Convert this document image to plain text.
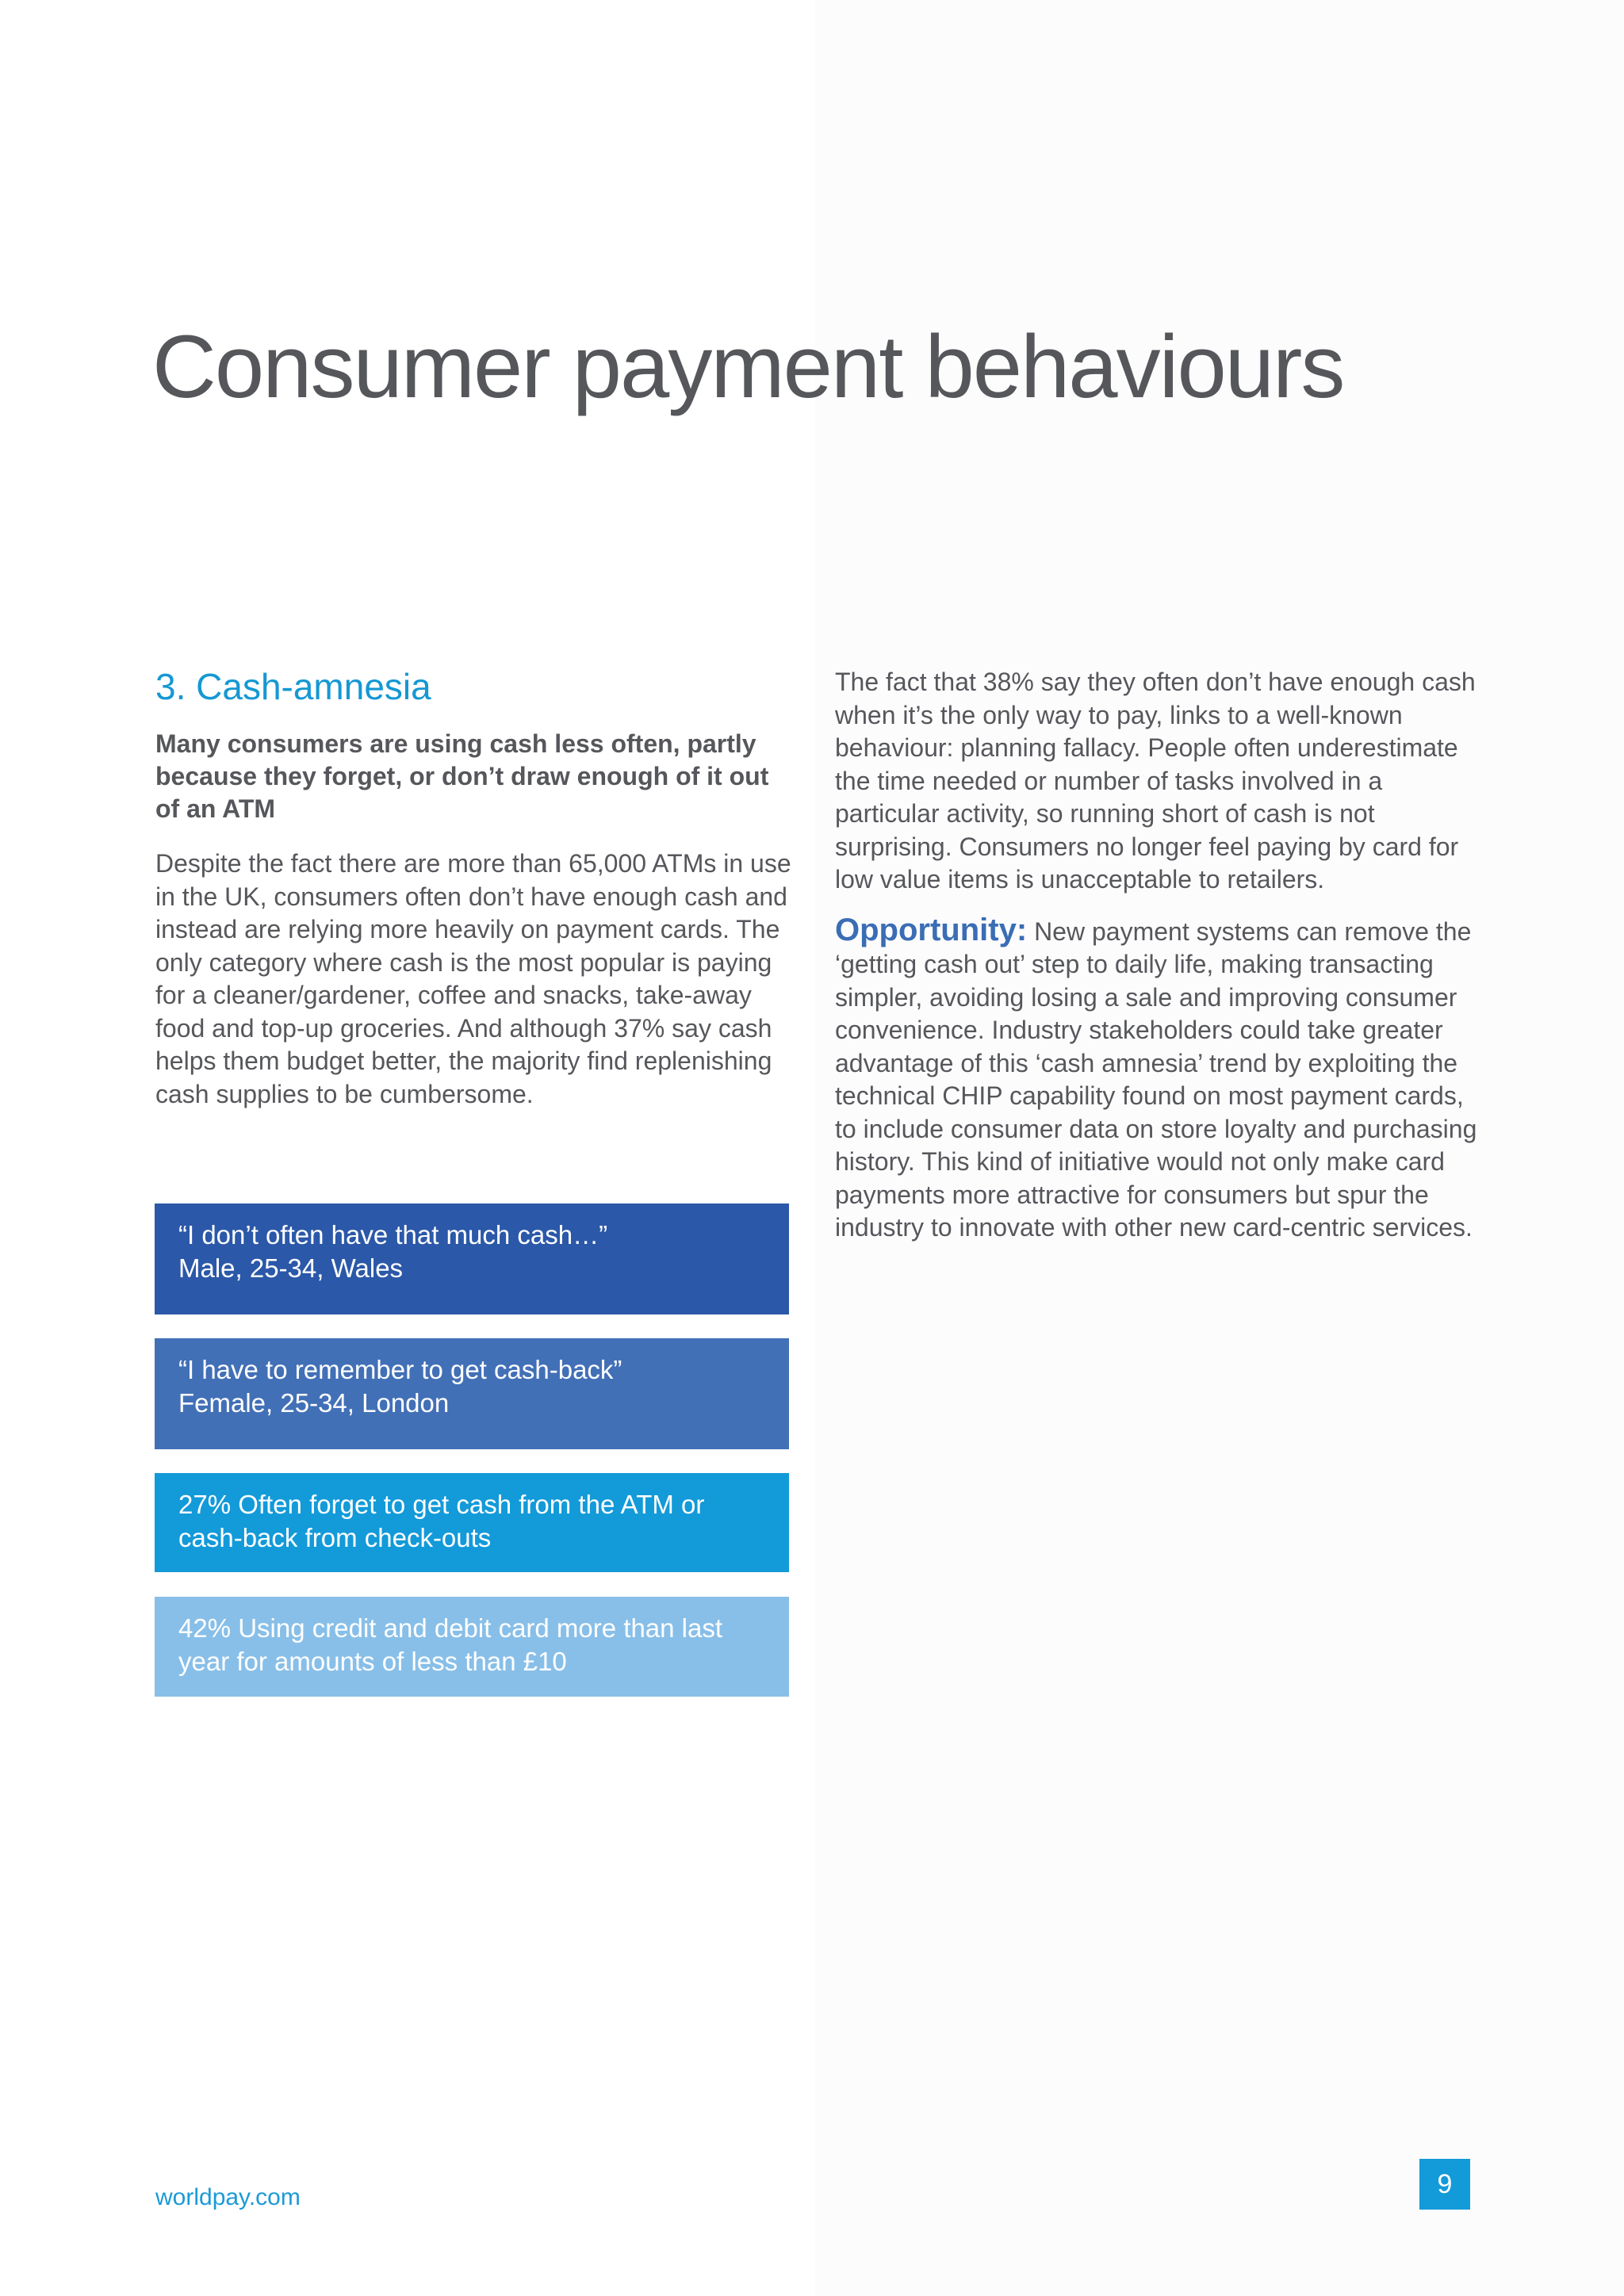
Consumer payment behaviours
3. Cash-amnesia

Many consumers are using cash less often, partly because they forget, or don’t draw enough of it out of an ATM

Despite the fact there are more than 65,000 ATMs in use in the UK, consumers often don’t have enough cash and instead are relying more heavily on payment cards. The only category where cash is the most popular is paying for a cleaner/gardener, coffee and snacks, take-away food and top-up groceries. And although 37% say cash helps them budget better, the majority find replenishing cash supplies to be cumbersome.

“I don’t often have that much cash…”

Male, 25-34, Wales

“I have to remember to get cash-back”

Female, 25-34, London

27% Often forget to get cash from the ATM or cash-back from check-outs

42% Using credit and debit card more than last year for amounts of less than £10

The fact that 38% say they often don’t have enough cash when it’s the only way to pay, links to a well-known behaviour: planning fallacy. People often underestimate the time needed or number of tasks involved in a particular activity, so running short of cash is not surprising. Consumers no longer feel paying by card for low value items is unacceptable to retailers.

Opportunity: New payment systems can remove the ‘getting cash out’ step to daily life, making transacting simpler, avoiding losing a sale and improving consumer convenience. Industry stakeholders could take greater advantage of this ‘cash amnesia’ trend by exploiting the technical CHIP capability found on most payment cards, to include consumer data on store loyalty and purchasing history. This kind of initiative would not only make card payments more attractive for consumers but spur the industry to innovate with other new card-centric services.

worldpay.com	9
